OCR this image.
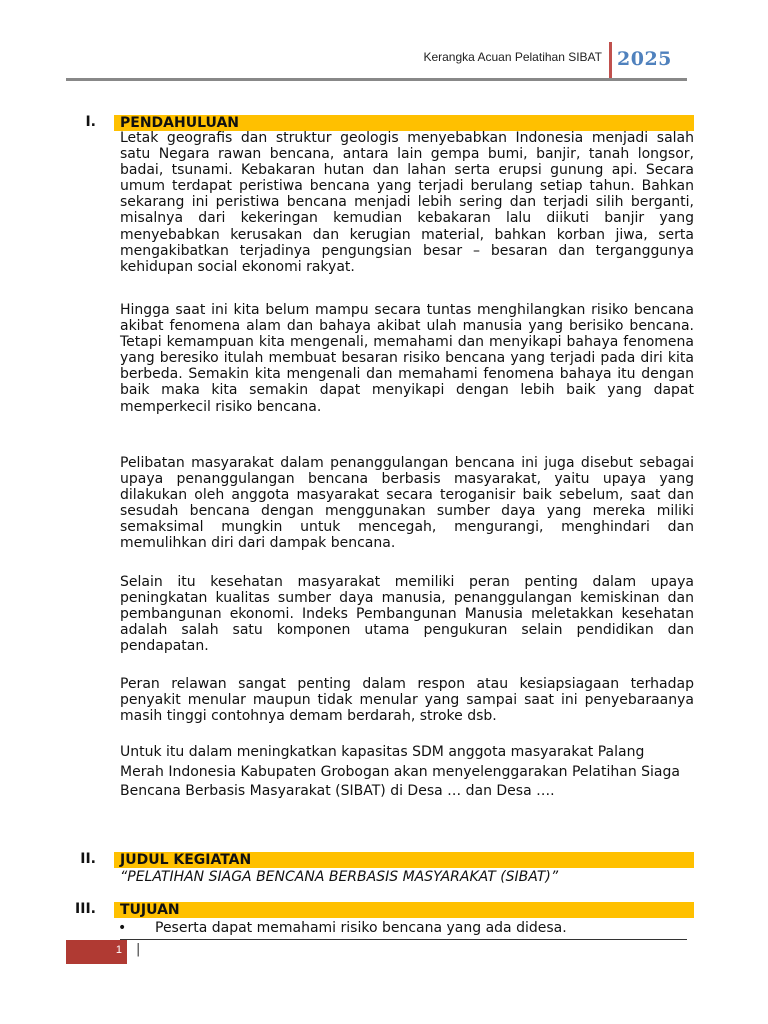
Kerangka Acuan Pelatihan SIBAT 2025
I. PENDAHULUAN

Letak geografis dan struktur geologis menyebabkan Indonesia menjadi salah satu Negara rawan bencana, antara lain gempa bumi, banjir, tanah longsor, badai, tsunami. Kebakaran hutan dan lahan serta erupsi gunung api. Secara umum terdapat peristiwa bencana yang terjadi berulang setiap tahun. Bahkan sekarang ini peristiwa bencana menjadi lebih sering dan terjadi silih berganti, misalnya dari kekeringan kemudian kebakaran lalu diikuti banjir yang menyebabkan kerusakan dan kerugian material, bahkan korban jiwa, serta mengakibatkan terjadinya pengungsian besar – besaran dan terganggunya kehidupan social ekonomi rakyat.

Hingga saat ini kita belum mampu secara tuntas menghilangkan risiko bencana akibat fenomena alam dan bahaya akibat ulah manusia yang berisiko bencana. Tetapi kemampuan kita mengenali, memahami dan menyikapi bahaya fenomena yang beresiko itulah membuat besaran risiko bencana yang terjadi pada diri kita berbeda. Semakin kita mengenali dan memahami fenomena bahaya itu dengan baik maka kita semakin dapat menyikapi dengan lebih baik yang dapat memperkecil risiko bencana.

Pelibatan masyarakat dalam penanggulangan bencana ini juga disebut sebagai upaya penanggulangan bencana berbasis masyarakat, yaitu upaya yang dilakukan oleh anggota masyarakat secara teroganisir baik sebelum, saat dan sesudah bencana dengan menggunakan sumber daya yang mereka miliki semaksimal mungkin untuk mencegah, mengurangi, menghindari dan memulihkan diri dari dampak bencana.

Selain itu kesehatan masyarakat memiliki peran penting dalam upaya peningkatan kualitas sumber daya manusia, penanggulangan kemiskinan dan pembangunan ekonomi. Indeks Pembangunan Manusia meletakkan kesehatan adalah salah satu komponen utama pengukuran selain pendidikan dan pendapatan.

Peran relawan sangat penting dalam respon atau kesiapsiagaan terhadap penyakit menular maupun tidak menular yang sampai saat ini penyebaraanya masih tinggi contohnya demam berdarah, stroke dsb.

Untuk itu dalam meningkatkan kapasitas SDM anggota masyarakat Palang Merah Indonesia Kabupaten Grobogan akan menyelenggarakan Pelatihan Siaga Bencana Berbasis Masyarakat (SIBAT) di Desa … dan Desa ….

II. JUDUL KEGIATAN
“PELATIHAN SIAGA BENCANA BERBASIS MASYARAKAT (SIBAT)”
III. TUJUAN
• Peserta dapat memahami risiko bencana yang ada didesa.
1 |
